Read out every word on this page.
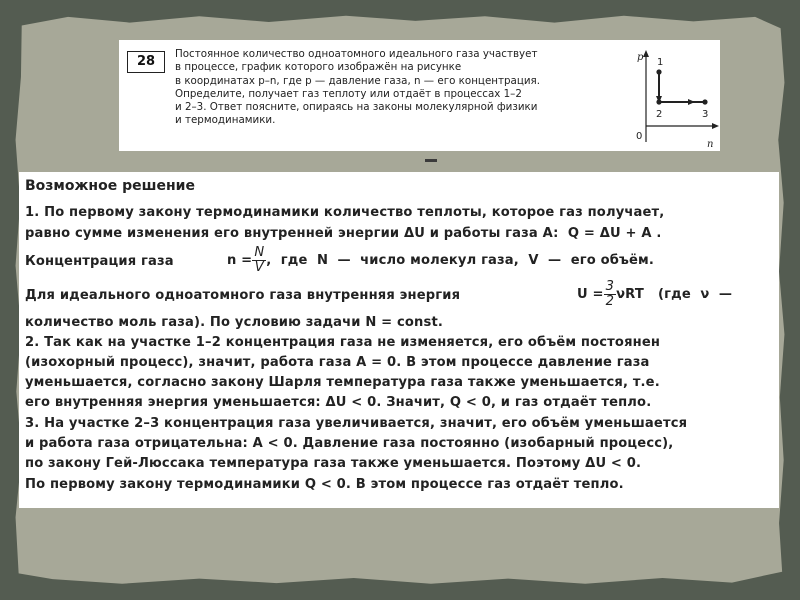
28	Постоянное количество одноатомного идеального газа участвует
в процессе, график которого изображён на рисунке
в координатах p–n, где p — давление газа, n — его концентрация.
Определите, получает газ теплоту или отдаёт в процессах 1–2
и 2–3. Ответ поясните, опираясь на законы молекулярной физики
и термодинамики.
p
n
0
1
2	3
Возможное решение
1. По первому закону термодинамики количество теплоты, которое газ получает,
равно сумме изменения его внутренней энергии ΔU и работы газа A:  Q = ΔU + A .
Концентрация газа	$n = \frac{N}{V}$ ,  где  N  —  число молекул газа,  V  —  его объём.
Для идеального одноатомного газа внутренняя энергия	$U = \frac{3}{2}$ νRT   (где  ν  —
количество моль газа). По условию задачи N = const.
2. Так как на участке 1–2 концентрация газа не изменяется, его объём постоянен
(изохорный процесс), значит, работа газа A = 0. В этом процессе давление газа
уменьшается, согласно закону Шарля температура газа также уменьшается, т.е.
его внутренняя энергия уменьшается: ΔU < 0. Значит, Q < 0, и газ отдаёт тепло.
3. На участке 2–3 концентрация газа увеличивается, значит, его объём уменьшается
и работа газа отрицательна: A < 0. Давление газа постоянно (изобарный процесс),
по закону Гей-Люссака температура газа также уменьшается. Поэтому ΔU < 0.
По первому закону термодинамики Q < 0. В этом процессе газ отдаёт тепло.
